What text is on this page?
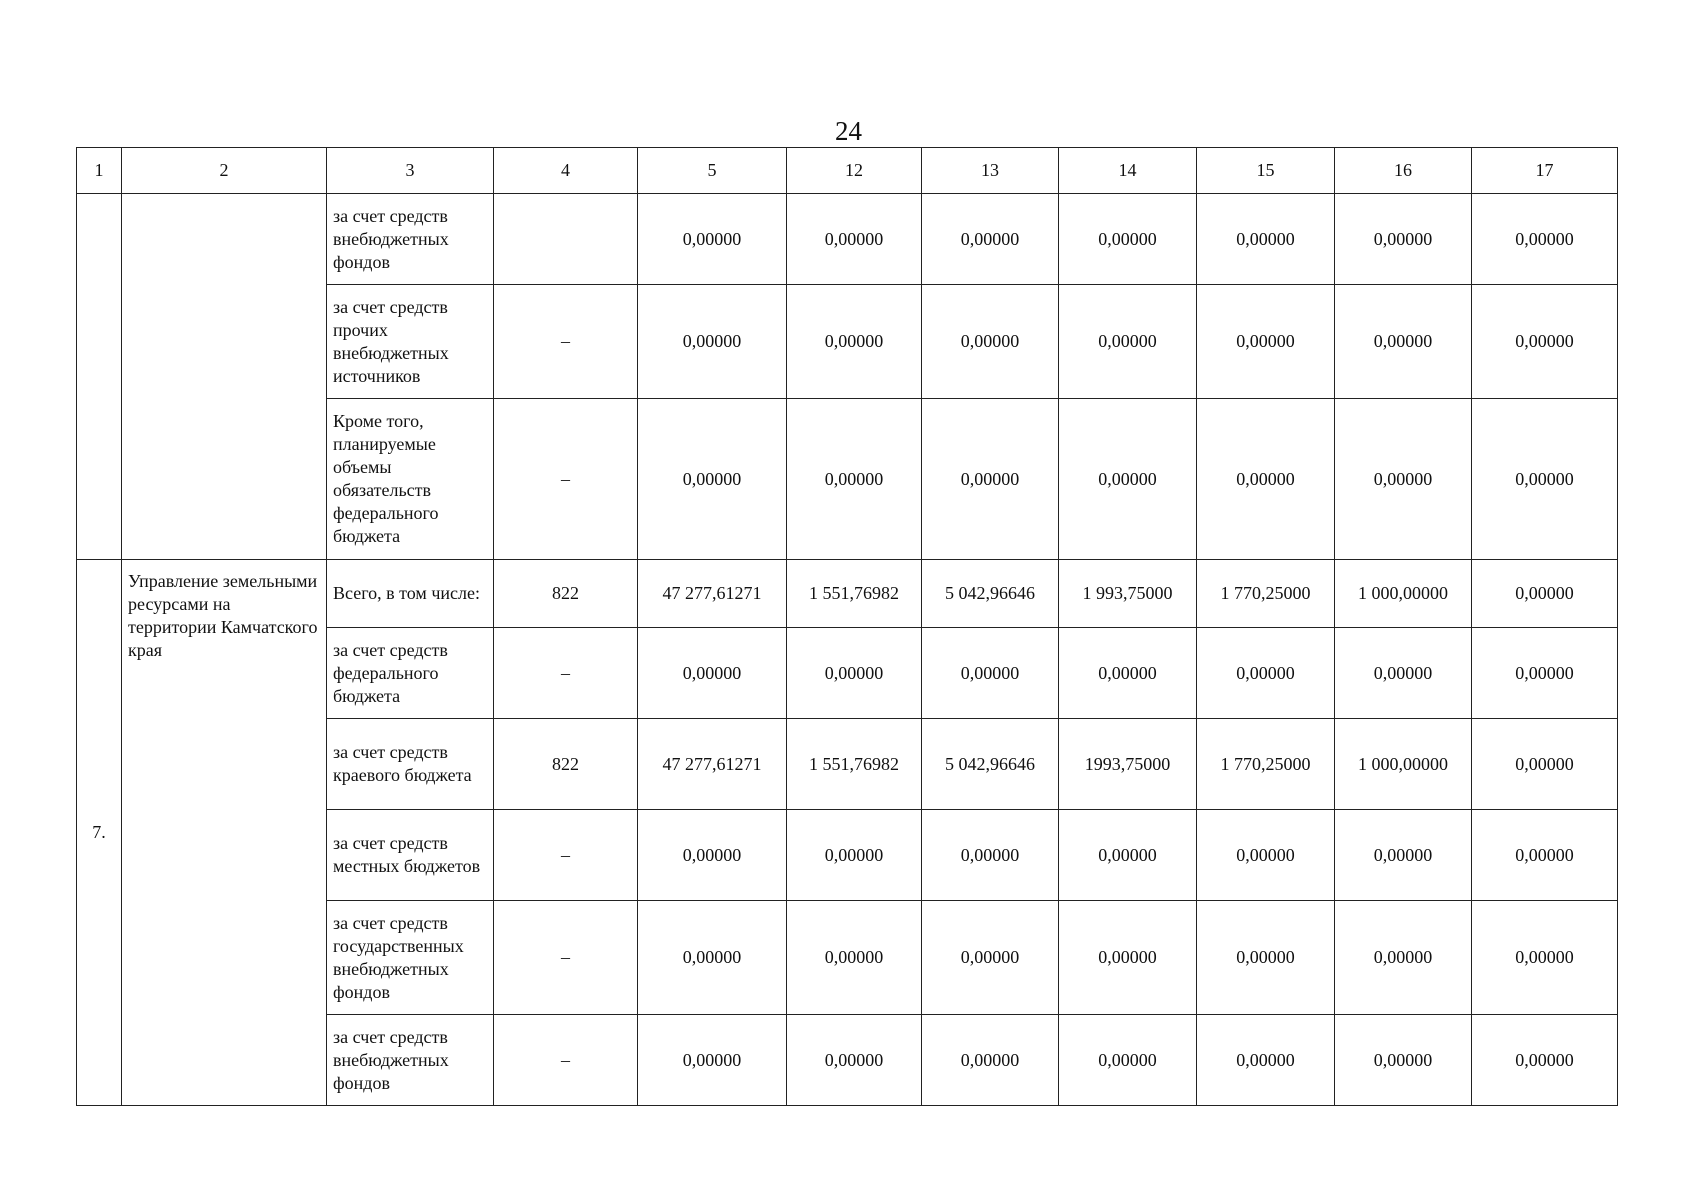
24
1	2	3	4	5	12	13	14	15	16	17
		за счет средств внебюджетных фондов		0,00000	0,00000	0,00000	0,00000	0,00000	0,00000	0,00000
		за счет средств прочих внебюджетных источников	–	0,00000	0,00000	0,00000	0,00000	0,00000	0,00000	0,00000
		Кроме того, планируемые объемы обязательств федерального бюджета	–	0,00000	0,00000	0,00000	0,00000	0,00000	0,00000	0,00000
7.	Управление земельными ресурсами на территории Камчатского края	Всего, в том числе:	822	47 277,61271	1 551,76982	5 042,96646	1 993,75000	1 770,25000	1 000,00000	0,00000
		за счет средств федерального бюджета	–	0,00000	0,00000	0,00000	0,00000	0,00000	0,00000	0,00000
		за счет средств краевого бюджета	822	47 277,61271	1 551,76982	5 042,96646	1993,75000	1 770,25000	1 000,00000	0,00000
		за счет средств местных бюджетов	–	0,00000	0,00000	0,00000	0,00000	0,00000	0,00000	0,00000
		за счет средств государственных внебюджетных фондов	–	0,00000	0,00000	0,00000	0,00000	0,00000	0,00000	0,00000
		за счет средств внебюджетных фондов	–	0,00000	0,00000	0,00000	0,00000	0,00000	0,00000	0,00000
